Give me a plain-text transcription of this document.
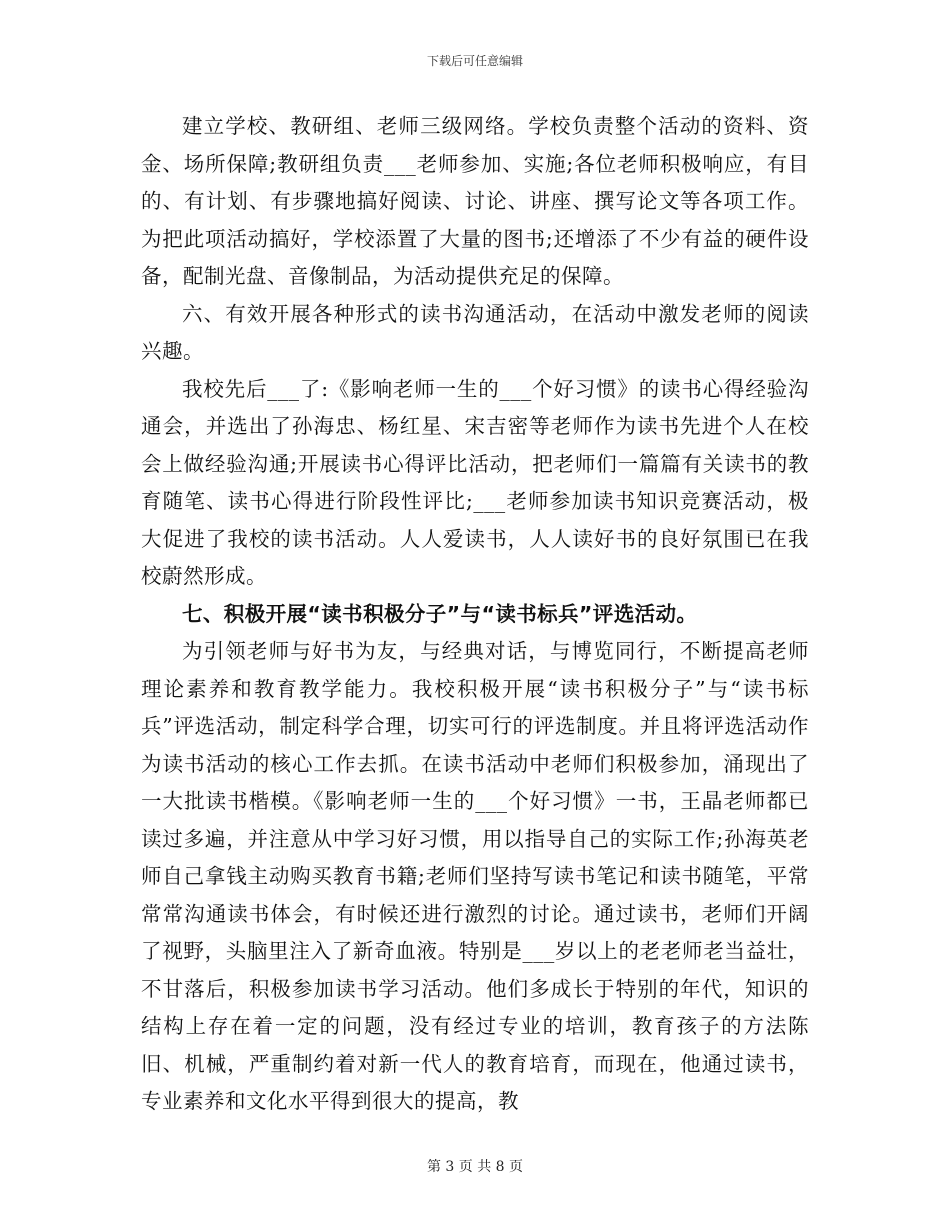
下载后可任意编辑

建立学校、教研组、老师三级网络。学校负责整个活动的资料、资金、场所保障;教研组负责___老师参加、实施;各位老师积极响应，有目的、有计划、有步骤地搞好阅读、讨论、讲座、撰写论文等各项工作。为把此项活动搞好，学校添置了大量的图书;还增添了不少有益的硬件设备，配制光盘、音像制品，为活动提供充足的保障。

六、有效开展各种形式的读书沟通活动，在活动中激发老师的阅读兴趣。

我校先后___了:《影响老师一生的___个好习惯》的读书心得经验沟通会，并选出了孙海忠、杨红星、宋吉密等老师作为读书先进个人在校会上做经验沟通;开展读书心得评比活动，把老师们一篇篇有关读书的教育随笔、读书心得进行阶段性评比;___老师参加读书知识竞赛活动，极大促进了我校的读书活动。人人爱读书，人人读好书的良好氛围已在我校蔚然形成。

七、积极开展“读书积极分子”与“读书标兵”评选活动。

为引领老师与好书为友，与经典对话，与博览同行，不断提高老师理论素养和教育教学能力。我校积极开展“读书积极分子”与“读书标兵”评选活动，制定科学合理，切实可行的评选制度。并且将评选活动作为读书活动的核心工作去抓。在读书活动中老师们积极参加，涌现出了一大批读书楷模。《影响老师一生的___个好习惯》一书，王晶老师都已读过多遍，并注意从中学习好习惯，用以指导自己的实际工作;孙海英老师自己拿钱主动购买教育书籍;老师们坚持写读书笔记和读书随笔，平常常常沟通读书体会，有时候还进行激烈的讨论。通过读书，老师们开阔了视野，头脑里注入了新奇血液。特别是___岁以上的老老师老当益壮，不甘落后，积极参加读书学习活动。他们多成长于特别的年代，知识的结构上存在着一定的问题，没有经过专业的培训，教育孩子的方法陈旧、机械，严重制约着对新一代人的教育培育，而现在，他通过读书，专业素养和文化水平得到很大的提高，教

第 3 页 共 8 页
